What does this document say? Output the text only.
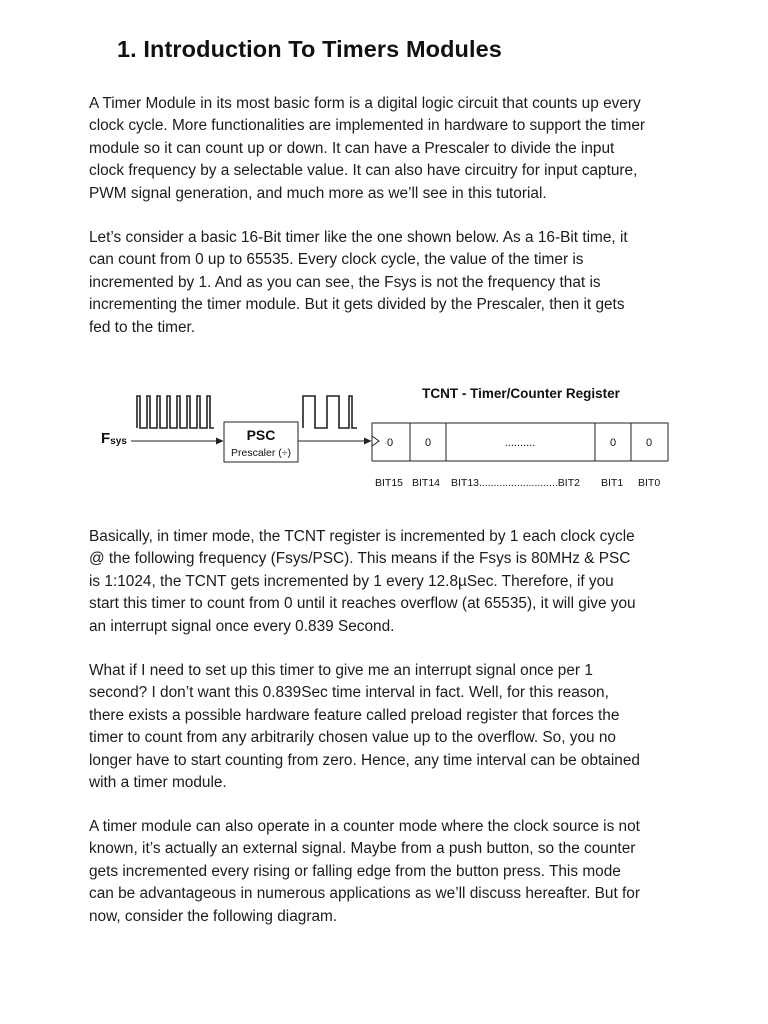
1. Introduction To Timers Modules

A Timer Module in its most basic form is a digital logic circuit that counts up every
clock cycle. More functionalities are implemented in hardware to support the timer
module so it can count up or down. It can have a Prescaler to divide the input
clock frequency by a selectable value. It can also have circuitry for input capture,
PWM signal generation, and much more as we’ll see in this tutorial.

Let’s consider a basic 16-Bit timer like the one shown below. As a 16-Bit time, it
can count from 0 up to 65535. Every clock cycle, the value of the timer is
incremented by 1. And as you can see, the Fsys is not the frequency that is
incrementing the timer module. But it gets divided by the Prescaler, then it gets
fed to the timer.

Fsys	PSC
Prescaler (÷)
TCNT - Timer/Counter Register
0	0	..........	0	0
BIT15 BIT14 BIT13...........................BIT2 BIT1 BIT0

Basically, in timer mode, the TCNT register is incremented by 1 each clock cycle
@ the following frequency (Fsys/PSC). This means if the Fsys is 80MHz & PSC
is 1:1024, the TCNT gets incremented by 1 every 12.8µSec. Therefore, if you
start this timer to count from 0 until it reaches overflow (at 65535), it will give you
an interrupt signal once every 0.839 Second.

What if I need to set up this timer to give me an interrupt signal once per 1
second? I don’t want this 0.839Sec time interval in fact. Well, for this reason,
there exists a possible hardware feature called preload register that forces the
timer to count from any arbitrarily chosen value up to the overflow. So, you no
longer have to start counting from zero. Hence, any time interval can be obtained
with a timer module.

A timer module can also operate in a counter mode where the clock source is not
known, it’s actually an external signal. Maybe from a push button, so the counter
gets incremented every rising or falling edge from the button press. This mode
can be advantageous in numerous applications as we’ll discuss hereafter. But for
now, consider the following diagram.
